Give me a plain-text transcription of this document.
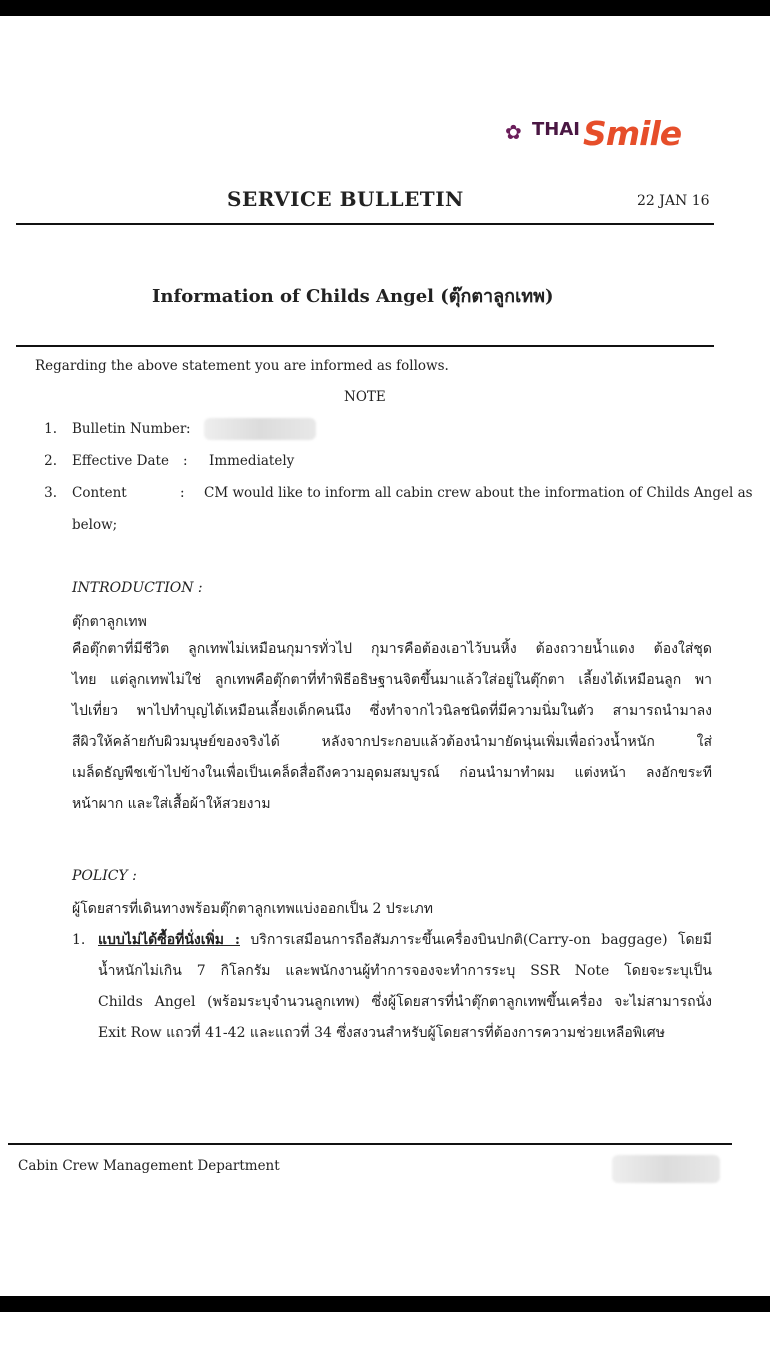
✿ THAI Smile
SERVICE BULLETIN	22 JAN 16
Information of Childs Angel (ตุ๊กตาลูกเทพ)
Regarding the above statement you are informed as follows.
NOTE
1. Bulletin Number :
2. Effective Date : Immediately
3. Content	: CM would like to inform all cabin crew about the information of Childs Angel as
below;
INTRODUCTION :
ตุ๊กตาลูกเทพ
คือตุ๊กตาที่มีชีวิต ลูกเทพไม่เหมือนกุมารทั่วไป กุมารคือต้องเอาไว้บนหิ้ง ต้องถวายน้ำแดง ต้องใส่ชุด
ไทย แต่ลูกเทพไม่ใช่ ลูกเทพคือตุ๊กตาที่ทำพิธีอธิษฐานจิตขึ้นมาแล้วใส่อยู่ในตุ๊กตา เลี้ยงได้เหมือนลูก พา
ไปเที่ยว พาไปทำบุญได้เหมือนเลี้ยงเด็กคนนึง ซึ่งทำจากไวนิลชนิดที่มีความนิ่มในตัว สามารถนำมาลง
สีผิวให้คล้ายกับผิวมนุษย์ของจริงได้ หลังจากประกอบแล้วต้องนำมายัดนุ่นเพิ่มเพื่อถ่วงน้ำหนัก ใส่
เมล็ดธัญพืชเข้าไปข้างในเพื่อเป็นเคล็ดสื่อถึงความอุดมสมบูรณ์ ก่อนนำมาทำผม แต่งหน้า ลงอักขระที
หน้าผาก และใส่เสื้อผ้าให้สวยงาม
POLICY :
ผู้โดยสารที่เดินทางพร้อมตุ๊กตาลูกเทพแบ่งออกเป็น 2 ประเภท
1. แบบไม่ได้ซื้อที่นั่งเพิ่ม : บริการเสมือนการถือสัมภาระขึ้นเครื่องบินปกติ(Carry-on baggage) โดยมี
น้ำหนักไม่เกิน 7 กิโลกรัม และพนักงานผู้ทำการจองจะทำการระบุ SSR Note โดยจะระบุเป็น
Childs Angel (พร้อมระบุจำนวนลูกเทพ) ซึ่งผู้โดยสารที่นำตุ๊กตาลูกเทพขึ้นเครื่อง จะไม่สามารถนั่ง
Exit Row แถวที่ 41-42 และแถวที่ 34 ซึ่งสงวนสำหรับผู้โดยสารที่ต้องการความช่วยเหลือพิเศษ
Cabin Crew Management Department
